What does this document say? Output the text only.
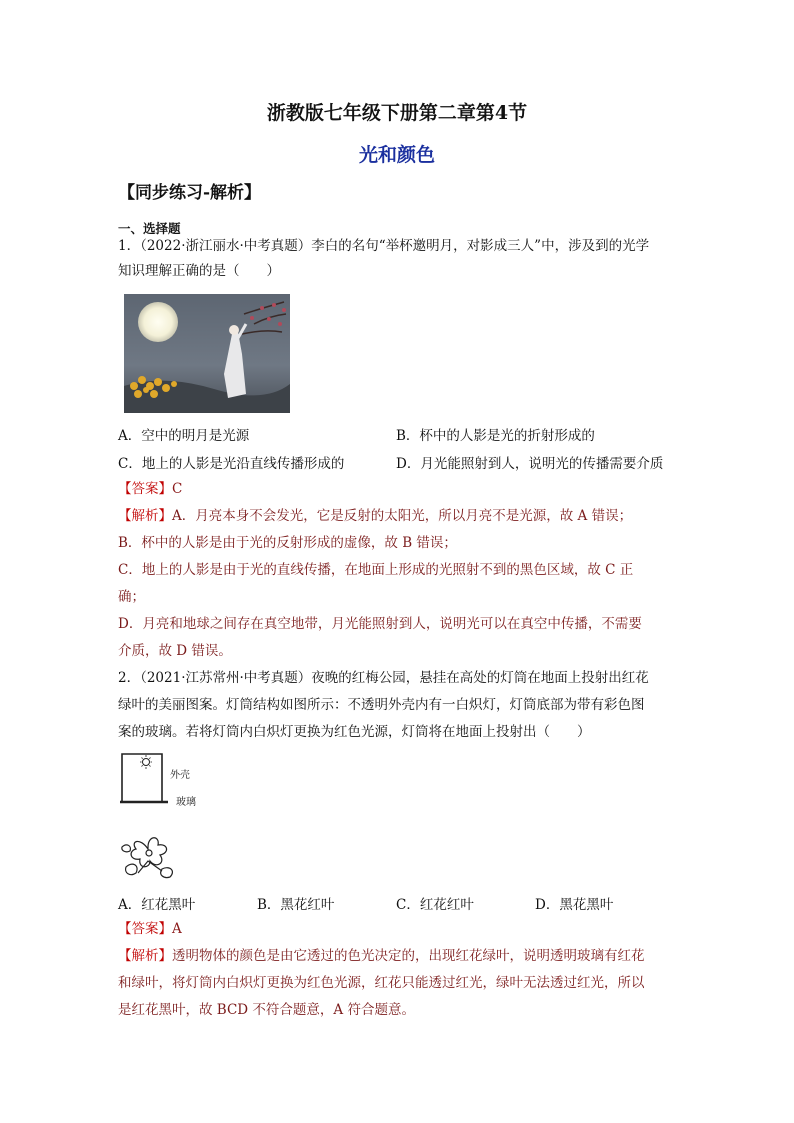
浙教版七年级下册第二章第4节
光和颜色
【同步练习-解析】
一、选择题
1．（2022·浙江丽水·中考真题）李白的名句“举杯邀明月，对影成三人”中，涉及到的光学
知识理解正确的是（　　）
A．空中的明月是光源	B．杯中的人影是光的折射形成的
C．地上的人影是光沿直线传播形成的	D．月光能照射到人，说明光的传播需要介质
【答案】C
【解析】A．月亮本身不会发光，它是反射的太阳光，所以月亮不是光源，故 A 错误；
B．杯中的人影是由于光的反射形成的虚像，故 B 错误；
C．地上的人影是由于光的直线传播，在地面上形成的光照射不到的黑色区域，故 C 正
确；
D．月亮和地球之间存在真空地带，月光能照射到人，说明光可以在真空中传播，不需要
介质，故 D 错误。
2．（2021·江苏常州·中考真题）夜晚的红梅公园，悬挂在高处的灯筒在地面上投射出红花
绿叶的美丽图案。灯筒结构如图所示：不透明外壳内有一白炽灯，灯筒底部为带有彩色图
案的玻璃。若将灯筒内白炽灯更换为红色光源，灯筒将在地面上投射出（　　）
外壳
玻璃
A．红花黑叶	B．黑花红叶	C．红花红叶	D．黑花黑叶
【答案】A
【解析】透明物体的颜色是由它透过的色光决定的，出现红花绿叶，说明透明玻璃有红花
和绿叶，将灯筒内白炽灯更换为红色光源，红花只能透过红光，绿叶无法透过红光，所以
是红花黑叶，故 BCD 不符合题意，A 符合题意。
